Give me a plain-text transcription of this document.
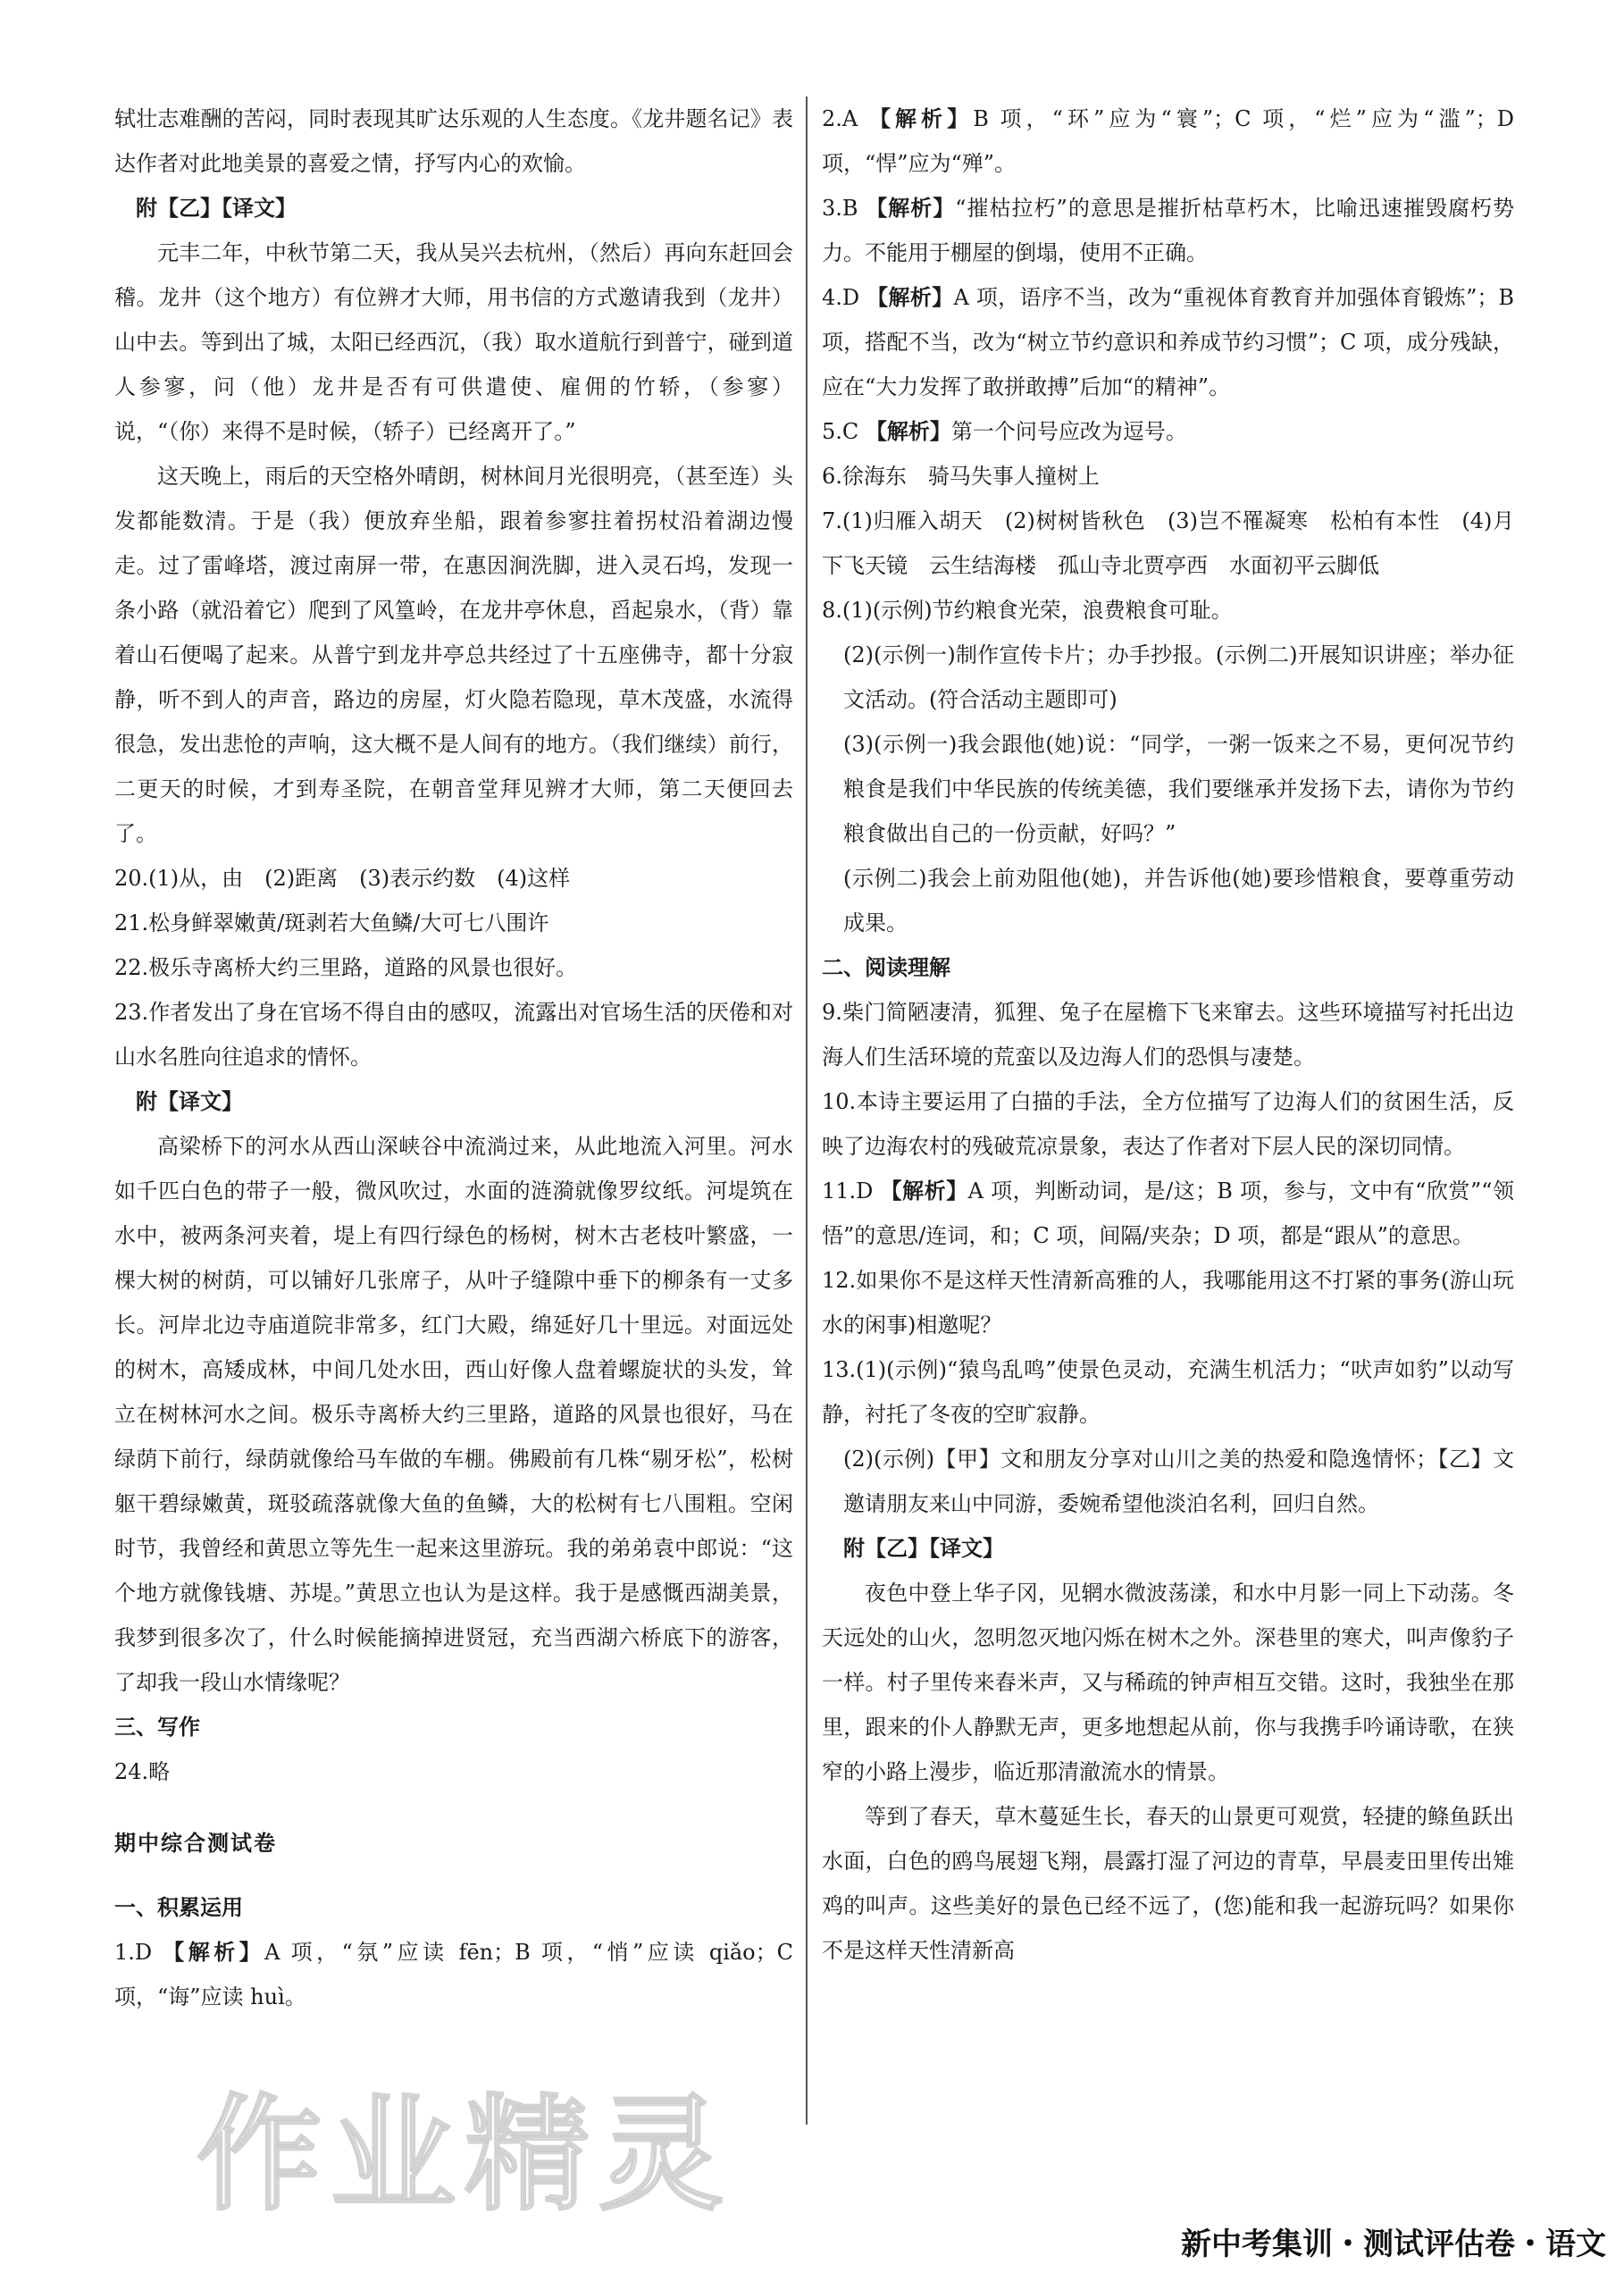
轼壮志难酬的苦闷，同时表现其旷达乐观的人生态度。《龙井题名记》表达作者对此地美景的喜爱之情，抒写内心的欢愉。

附【乙】【译文】

元丰二年，中秋节第二天，我从吴兴去杭州，（然后）再向东赶回会稽。龙井（这个地方）有位辨才大师，用书信的方式邀请我到（龙井）山中去。等到出了城，太阳已经西沉，（我）取水道航行到普宁，碰到道人参寥，问（他）龙井是否有可供遣使、雇佣的竹轿，（参寥）说，“（你）来得不是时候，（轿子）已经离开了。”

这天晚上，雨后的天空格外晴朗，树林间月光很明亮，（甚至连）头发都能数清。于是（我）便放弃坐船，跟着参寥拄着拐杖沿着湖边慢走。过了雷峰塔，渡过南屏一带，在惠因涧洗脚，进入灵石坞，发现一条小路（就沿着它）爬到了风篁岭，在龙井亭休息，舀起泉水，（背）靠着山石便喝了起来。从普宁到龙井亭总共经过了十五座佛寺，都十分寂静，听不到人的声音，路边的房屋，灯火隐若隐现，草木茂盛，水流得很急，发出悲怆的声响，这大概不是人间有的地方。（我们继续）前行，二更天的时候，才到寿圣院，在朝音堂拜见辨才大师，第二天便回去了。

20.(1)从，由　(2)距离　(3)表示约数　(4)这样

21.松身鲜翠嫩黄/斑剥若大鱼鳞/大可七八围许

22.极乐寺离桥大约三里路，道路的风景也很好。

23.作者发出了身在官场不得自由的感叹，流露出对官场生活的厌倦和对山水名胜向往追求的情怀。

附【译文】

高梁桥下的河水从西山深峡谷中流淌过来，从此地流入河里。河水如千匹白色的带子一般，微风吹过，水面的涟漪就像罗纹纸。河堤筑在水中，被两条河夹着，堤上有四行绿色的杨树，树木古老枝叶繁盛，一棵大树的树荫，可以铺好几张席子，从叶子缝隙中垂下的柳条有一丈多长。河岸北边寺庙道院非常多，红门大殿，绵延好几十里远。对面远处的树木，高矮成林，中间几处水田，西山好像人盘着螺旋状的头发，耸立在树林河水之间。极乐寺离桥大约三里路，道路的风景也很好，马在绿荫下前行，绿荫就像给马车做的车棚。佛殿前有几株“剔牙松”，松树躯干碧绿嫩黄，斑驳疏落就像大鱼的鱼鳞，大的松树有七八围粗。空闲时节，我曾经和黄思立等先生一起来这里游玩。我的弟弟袁中郎说：“这个地方就像钱塘、苏堤。”黄思立也认为是这样。我于是感慨西湖美景，我梦到很多次了，什么时候能摘掉进贤冠，充当西湖六桥底下的游客，了却我一段山水情缘呢？

三、写作

24.略

期中综合测试卷

一、积累运用

1.D 【解析】A 项，“氛”应读 fēn；B 项，“悄”应读 qiǎo；C 项，“诲”应读 huì。

2.A 【解析】B 项，“环”应为“寰”；C 项，“烂”应为“滥”；D 项，“悍”应为“殚”。

3.B 【解析】“摧枯拉朽”的意思是摧折枯草朽木，比喻迅速摧毁腐朽势力。不能用于棚屋的倒塌，使用不正确。

4.D 【解析】A 项，语序不当，改为“重视体育教育并加强体育锻炼”；B 项，搭配不当，改为“树立节约意识和养成节约习惯”；C 项，成分残缺，应在“大力发挥了敢拼敢搏”后加“的精神”。

5.C 【解析】第一个问号应改为逗号。

6.徐海东　骑马失事人撞树上

7.(1)归雁入胡天　(2)树树皆秋色　(3)岂不罹凝寒　松柏有本性　(4)月下飞天镜　云生结海楼　孤山寺北贾亭西　水面初平云脚低

8.(1)(示例)节约粮食光荣，浪费粮食可耻。

(2)(示例一)制作宣传卡片；办手抄报。(示例二)开展知识讲座；举办征文活动。(符合活动主题即可)

(3)(示例一)我会跟他(她)说：“同学，一粥一饭来之不易，更何况节约粮食是我们中华民族的传统美德，我们要继承并发扬下去，请你为节约粮食做出自己的一份贡献，好吗？”

(示例二)我会上前劝阻他(她)，并告诉他(她)要珍惜粮食，要尊重劳动成果。

二、阅读理解

9.柴门简陋凄清，狐狸、兔子在屋檐下飞来窜去。这些环境描写衬托出边海人们生活环境的荒蛮以及边海人们的恐惧与凄楚。

10.本诗主要运用了白描的手法，全方位描写了边海人们的贫困生活，反映了边海农村的残破荒凉景象，表达了作者对下层人民的深切同情。

11.D 【解析】A 项，判断动词，是/这；B 项，参与，文中有“欣赏”“领悟”的意思/连词，和；C 项，间隔/夹杂；D 项，都是“跟从”的意思。

12.如果你不是这样天性清新高雅的人，我哪能用这不打紧的事务(游山玩水的闲事)相邀呢？

13.(1)(示例)“猿鸟乱鸣”使景色灵动，充满生机活力；“吠声如豹”以动写静，衬托了冬夜的空旷寂静。

(2)(示例)【甲】文和朋友分享对山川之美的热爱和隐逸情怀；【乙】文邀请朋友来山中同游，委婉希望他淡泊名利，回归自然。

附【乙】【译文】

夜色中登上华子冈，见辋水微波荡漾，和水中月影一同上下动荡。冬天远处的山火，忽明忽灭地闪烁在树木之外。深巷里的寒犬，叫声像豹子一样。村子里传来舂米声，又与稀疏的钟声相互交错。这时，我独坐在那里，跟来的仆人静默无声，更多地想起从前，你与我携手吟诵诗歌，在狭窄的小路上漫步，临近那清澈流水的情景。

等到了春天，草木蔓延生长，春天的山景更可观赏，轻捷的鲦鱼跃出水面，白色的鸥鸟展翅飞翔，晨露打湿了河边的青草，早晨麦田里传出雉鸡的叫声。这些美好的景色已经不远了，(您)能和我一起游玩吗？如果你不是这样天性清新高

作业精灵
新中考集训・测试评估卷・语文
